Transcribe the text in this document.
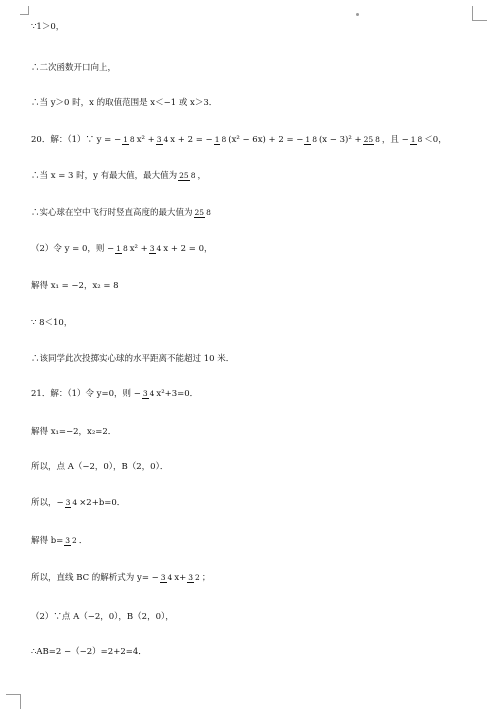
∵1＞0，
∴二次函数开口向上，
∴当 y＞0 时，x 的取值范围是 x＜−1 或 x＞3．
20．解：（1）∵ y = − 1 8 x² + 3 4 x + 2 = − 1 8 (x² − 6x) + 2 = − 1 8 (x − 3)² + 25 8 ，且 − 1 8 ＜0，
∴当 x = 3 时，y 有最大值，最大值为 25 8 ，
∴实心球在空中飞行时竖直高度的最大值为 25 8
（2）令 y = 0，则 − 1 8 x² + 3 4 x + 2 = 0，
解得 x₁ = −2，x₂ = 8
∵ 8＜10，
∴该同学此次投掷实心球的水平距离不能超过 10 米．
21．解：（1）令 y=0，则 − 3 4 x²+3=0．
解得 x₁=−2，x₂=2．
所以，点 A（−2，0），B（2，0）．
所以，− 3 4 ×2+b=0．
解得 b= 3 2 ．
所以，直线 BC 的解析式为 y= − 3 4 x+ 3 2 ；
（2）∵点 A（−2，0），B（2，0），
∴AB=2 −（−2）=2+2=4．
